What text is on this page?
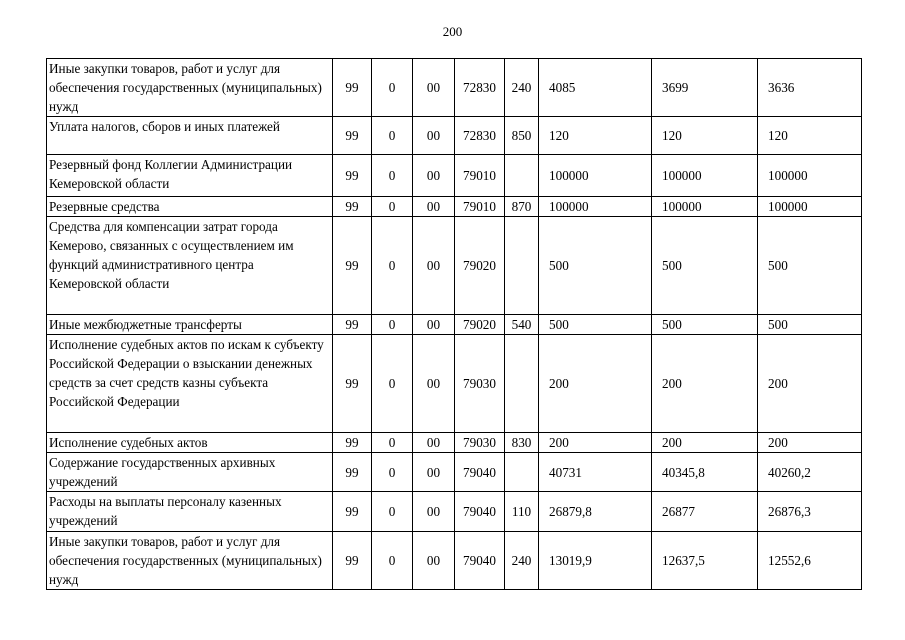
200
Иные закупки товаров, работ и услуг для обеспечения государственных (муниципальных) нужд	99	0	00	72830	240	4085	3699	3636
Уплата налогов, сборов и иных платежей	99	0	00	72830	850	120	120	120
Резервный фонд Коллегии Администрации Кемеровской области	99	0	00	79010		100000	100000	100000
Резервные средства	99	0	00	79010	870	100000	100000	100000
Средства для компенсации затрат города Кемерово, связанных с осуществлением им функций административного центра Кемеровской области	99	0	00	79020		500	500	500
Иные межбюджетные трансферты	99	0	00	79020	540	500	500	500
Исполнение судебных актов по искам к субъекту Российской Федерации о взыскании денежных средств за счет средств казны субъекта Российской Федерации	99	0	00	79030		200	200	200
Исполнение судебных актов	99	0	00	79030	830	200	200	200
Содержание государственных архивных учреждений	99	0	00	79040		40731	40345,8	40260,2
Расходы на выплаты персоналу казенных учреждений	99	0	00	79040	110	26879,8	26877	26876,3
Иные закупки товаров, работ и услуг для обеспечения государственных (муниципальных) нужд	99	0	00	79040	240	13019,9	12637,5	12552,6
